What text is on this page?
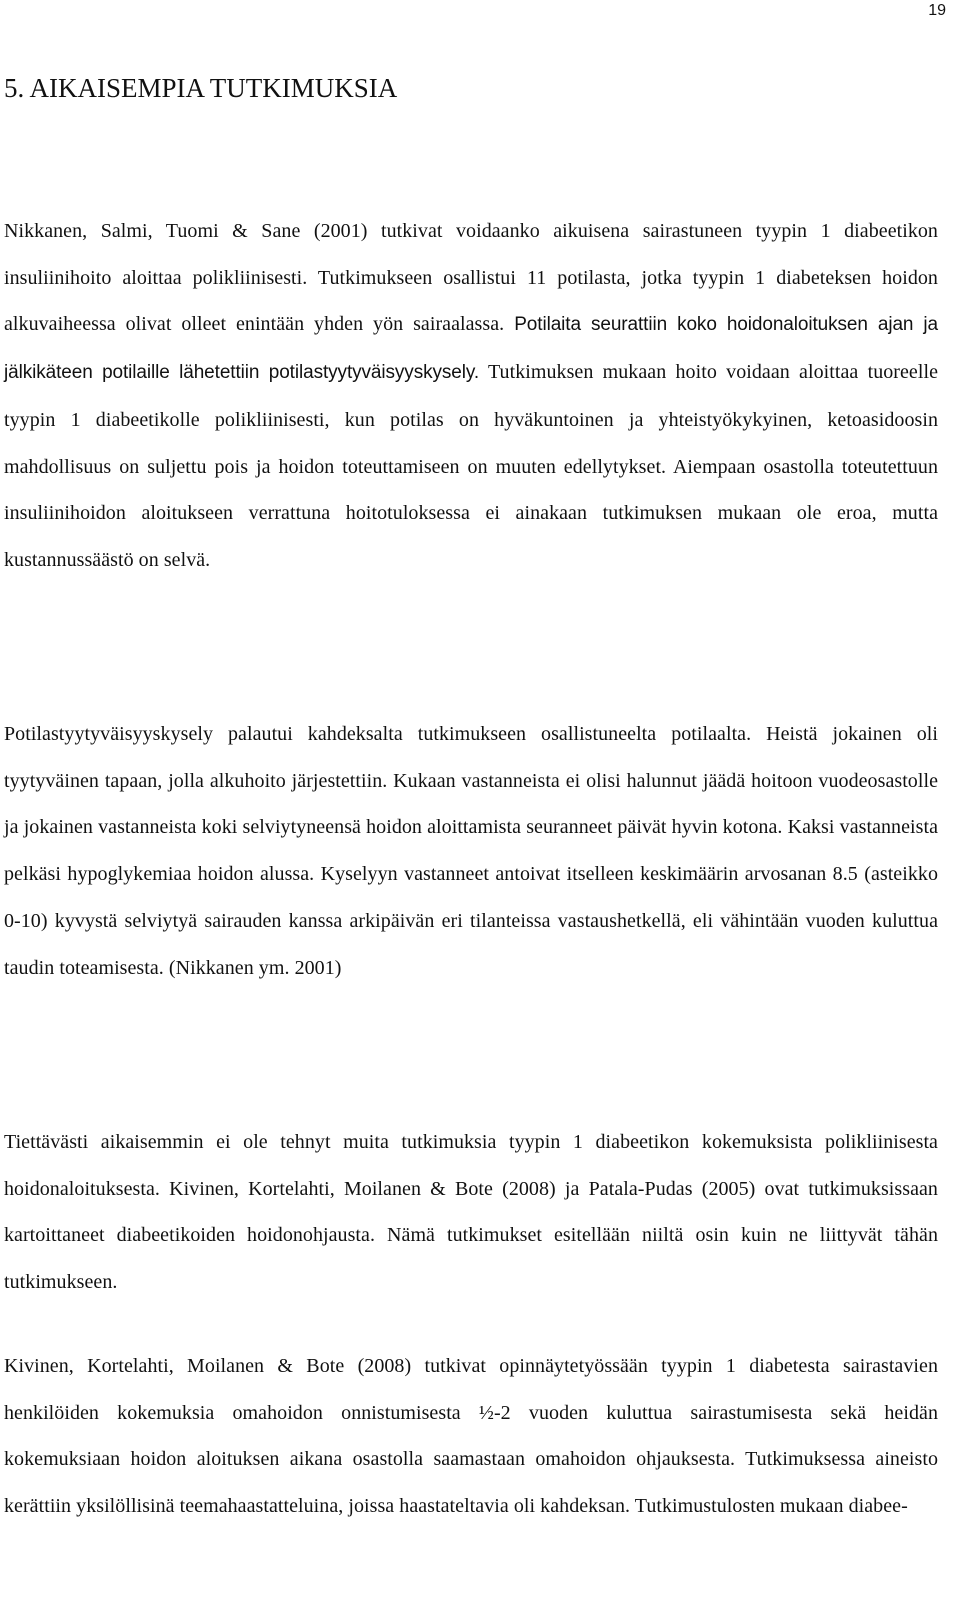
19
5. AIKAISEMPIA TUTKIMUKSIA

Nikkanen, Salmi, Tuomi & Sane (2001) tutkivat voidaanko aikuisena sairastuneen tyypin 1 diabeetikon insuliinihoito aloittaa polikliinisesti. Tutkimukseen osallistui 11 potilasta, jotka tyypin 1 diabeteksen hoidon alkuvaiheessa olivat olleet enintään yhden yön sairaalassa. Potilaita seurattiin koko hoidonaloituksen ajan ja jälkikäteen potilaille lähetettiin potilastyytyväisyyskysely. Tutkimuksen mukaan hoito voidaan aloittaa tuoreelle tyypin 1 diabeetikolle polikliinisesti, kun potilas on hyväkuntoinen ja yhteistyökykyinen, ketoasidoosin mahdollisuus on suljettu pois ja hoidon toteuttamiseen on muuten edellytykset. Aiempaan osastolla toteutettuun insuliinihoidon aloitukseen verrattuna hoitotuloksessa ei ainakaan tutkimuksen mukaan ole eroa, mutta kustannussäästö on selvä.

Potilastyytyväisyyskysely palautui kahdeksalta tutkimukseen osallistuneelta potilaalta. Heistä jokainen oli tyytyväinen tapaan, jolla alkuhoito järjestettiin. Kukaan vastanneista ei olisi halunnut jäädä hoitoon vuodeosastolle ja jokainen vastanneista koki selviytyneensä hoidon aloittamista seuranneet päivät hyvin kotona. Kaksi vastanneista pelkäsi hypoglykemiaa hoidon alussa. Kyselyyn vastanneet antoivat itselleen keskimäärin arvosanan 8.5 (asteikko 0-10) kyvystä selviytyä sairauden kanssa arkipäivän eri tilanteissa vastaushetkellä, eli vähintään vuoden kuluttua taudin toteamisesta. (Nikkanen ym. 2001)

Tiettävästi aikaisemmin ei ole tehnyt muita tutkimuksia tyypin 1 diabeetikon kokemuksista polikliinisesta hoidonaloituksesta. Kivinen, Kortelahti, Moilanen & Bote (2008) ja Patala-Pudas (2005) ovat tutkimuksissaan kartoittaneet diabeetikoiden hoidonohjausta. Nämä tutkimukset esitellään niiltä osin kuin ne liittyvät tähän tutkimukseen.

Kivinen, Kortelahti, Moilanen & Bote (2008) tutkivat opinnäytetyössään tyypin 1 diabetesta sairastavien henkilöiden kokemuksia omahoidon onnistumisesta ½-2 vuoden kuluttua sairastumisesta sekä heidän kokemuksiaan hoidon aloituksen aikana osastolla saamastaan omahoidon ohjauksesta. Tutkimuksessa aineisto kerättiin yksilöllisinä teemahaastatteluina, joissa haastateltavia oli kahdeksan. Tutkimustulosten mukaan diabee-
